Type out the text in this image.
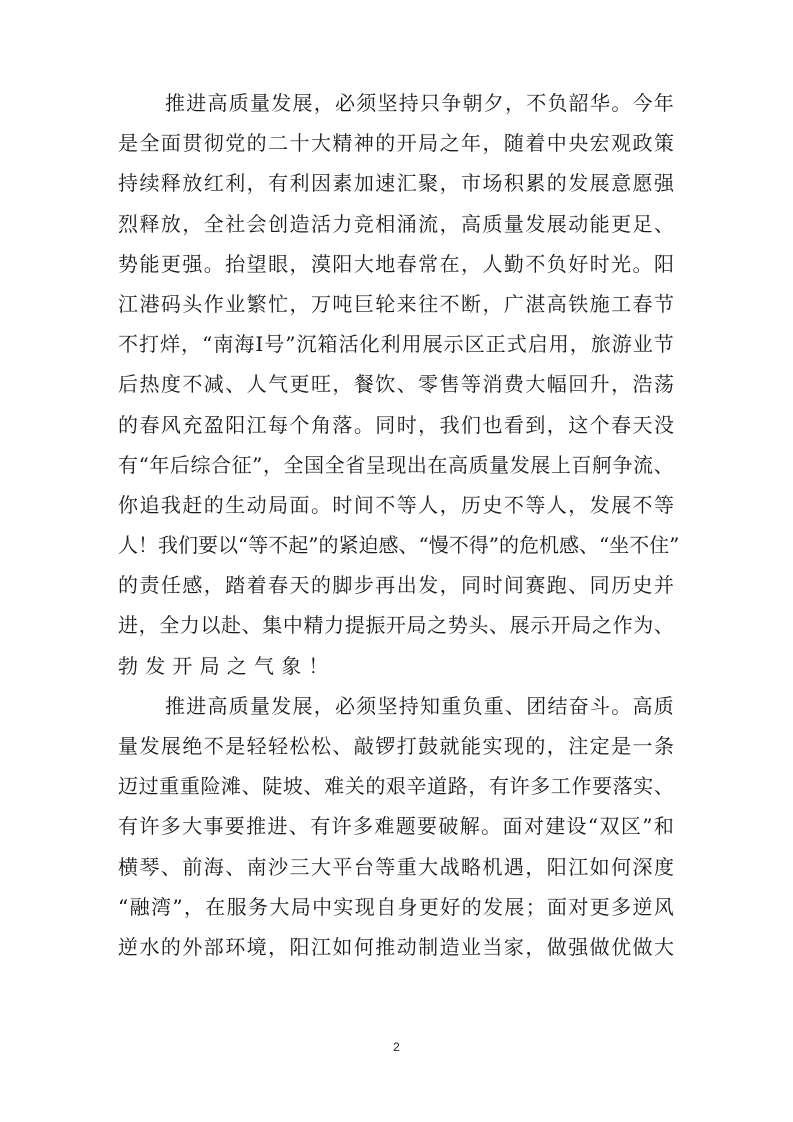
推 进 高 质 量 发 展 ， 必 须 坚 持 只 争 朝 夕 ， 不 负 韶 华 。 今 年
是 全 面 贯 彻 党 的 二 十 大 精 神 的 开 局 之 年 ， 随 着 中 央 宏 观 政 策
持 续 释 放 红 利 ， 有 利 因 素 加 速 汇 聚 ， 市 场 积 累 的 发 展 意 愿 强
烈 释 放 ， 全 社 会 创 造 活 力 竞 相 涌 流 ， 高 质 量 发 展 动 能 更 足 、
势 能 更 强 。 抬 望 眼 ， 漠 阳 大 地 春 常 在 ， 人 勤 不 负 好 时 光 。 阳
江 港 码 头 作 业 繁 忙 ， 万 吨 巨 轮 来 往 不 断 ， 广 湛 高 铁 施 工 春 节
不 打 烊 ， “ 南 海 Ⅰ 号 ” 沉 箱 活 化 利 用 展 示 区 正 式 启 用 ， 旅 游 业 节
后 热 度 不 减 、 人 气 更 旺 ， 餐 饮 、 零 售 等 消 费 大 幅 回 升 ， 浩 荡
的 春 风 充 盈 阳 江 每 个 角 落 。 同 时 ， 我 们 也 看 到 ， 这 个 春 天 没
有 “ 年 后 综 合 征 ” ， 全 国 全 省 呈 现 出 在 高 质 量 发 展 上 百 舸 争 流 、
你 追 我 赶 的 生 动 局 面 。 时 间 不 等 人 ， 历 史 不 等 人 ， 发 展 不 等
人 ！ 我 们 要 以 “ 等 不 起 ” 的 紧 迫 感 、 “ 慢 不 得 ” 的 危 机 感 、 “ 坐 不 住 ”
的 责 任 感 ， 踏 着 春 天 的 脚 步 再 出 发 ， 同 时 间 赛 跑 、 同 历 史 并
进 ， 全 力 以 赴 、 集 中 精 力 提 振 开 局 之 势 头 、 展 示 开 局 之 作 为 、
勃发开局之气象！
推 进 高 质 量 发 展 ， 必 须 坚 持 知 重 负 重 、 团 结 奋 斗 。 高 质
量 发 展 绝 不 是 轻 轻 松 松 、 敲 锣 打 鼓 就 能 实 现 的 ， 注 定 是 一 条
迈 过 重 重 险 滩 、 陡 坡 、 难 关 的 艰 辛 道 路 ， 有 许 多 工 作 要 落 实 、
有 许 多 大 事 要 推 进 、 有 许 多 难 题 要 破 解 。 面 对 建 设 “ 双 区 ” 和
横 琴 、 前 海 、 南 沙 三 大 平 台 等 重 大 战 略 机 遇 ， 阳 江 如 何 深 度
“ 融 湾 ” ， 在 服 务 大 局 中 实 现 自 身 更 好 的 发 展 ； 面 对 更 多 逆 风
逆 水 的 外 部 环 境 ， 阳 江 如 何 推 动 制 造 业 当 家 ， 做 强 做 优 做 大
2
